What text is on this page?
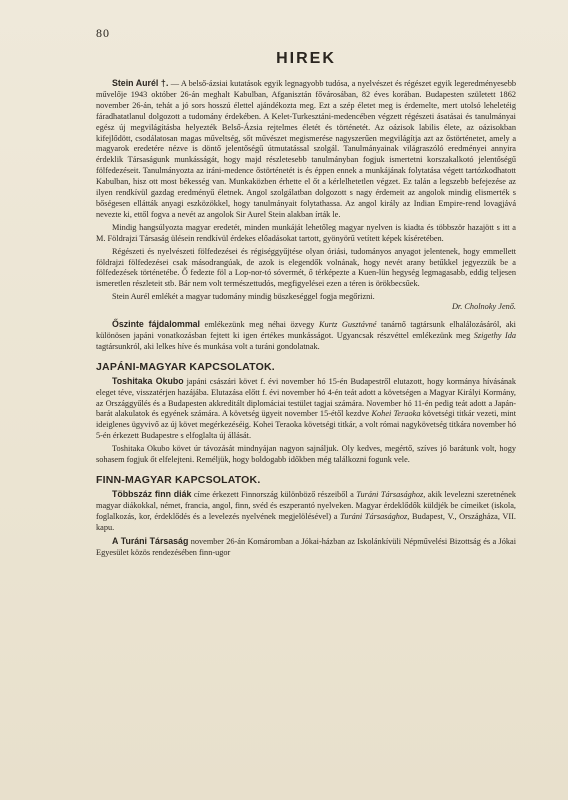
80
HIREK

Stein Aurél †. — A belső-ázsiai kutatások egyik legnagyobb tudósa, a nyelvészet és régészet egyik legeredményesebb művelője 1943 október 26-án meghalt Kabulban, Afganisztán fővárosában, 82 éves korában. Budapesten született 1862 november 26-án, tehát a jó sors hosszú élettel ajándékozta meg. Ezt a szép életet meg is érdemelte, mert utolsó leheletéig fáradhatatlanul dolgozott a tudomány érdekében. A Kelet-Turkesztáni-medencében végzett régészeti ásatásai és tanulmányai egész új megvilágításba helyezték Belső-Ázsia rejtelmes életét és történetét. Az oázisok labilis élete, az oázisokban kifejlődött, csodálatosan magas műveltség, sőt művészet megismerése nagyszerűen megvilágítja azt az őstörténetet, amely a magyarok eredetére nézve is döntő jelentőségű útmutatással szolgál. Tanulmányainak világraszóló eredményei annyira érdeklik Társaságunk munkásságát, hogy majd részletesebb tanulmányban fogjuk ismertetni korszakalkotó jelentőségű fölfedezéseit. Tanulmányozta az iráni-medence őstörténetét is és éppen ennek a munkájának folytatása végett tartózkodhatott Kabulban, hisz ott most békesség van. Munkaközben érhette el őt a kérlelhetetlen végzet. Ez talán a legszebb befejezése az ilyen rendkívül gazdag eredményű életnek. Angol szolgálatban dolgozott s nagy érdemeit az angolok mindig elismerték s bőségesen ellátták anyagi eszközökkel, hogy tanulmányait folytathassa. Az angol király az Indian Empire-rend lovagjává nevezte ki, ettől fogva a nevét az angolok Sir Aurel Stein alakban írták le.

Mindig hangsúlyozta magyar eredetét, minden munkáját lehetőleg magyar nyelven is kiadta és többször hazajött s itt a M. Földrajzi Társaság ülésein rendkívül érdekes előadásokat tartott, gyönyörű vetített képek kíséretében.

Régészeti és nyelvészeti fölfedezései és régiséggyűjtése olyan óriási, tudományos anyagot jelentenek, hogy emmellett földrajzi fölfedezései csak másodrangúak, de azok is elegendők volnának, hogy nevét arany betűkkel jegyezzük be a fölfedezések történetébe. Ő fedezte föl a Lop-nor-tó sóvermét, ő térképezte a Kuen-lün hegység legmagasabb, eddig teljesen ismeretlen részleteit stb. Bár nem volt természettudós, megfigyelései ezen a téren is örökbecsűek.

Stein Aurél emlékét a magyar tudomány mindig büszkeséggel fogja megőrizni.

Dr. Cholnoky Jenő.

Őszinte fájdalommal emlékezünk meg néhai özvegy Kurtz Gusztávné tanárnő tagtársunk elhalálozásáról, aki különösen japáni vonatkozásban fejtett ki igen értékes munkásságot. Ugyancsak részvéttel emlékezünk meg Szigethy Ida tagtársunkról, aki lelkes híve és munkása volt a turáni gondolatnak.

JAPÁNI-MAGYAR KAPCSOLATOK.

Toshitaka Okubo japáni császári követ f. évi november hó 15-én Budapestről elutazott, hogy kormánya hívásának eleget téve, visszatérjen hazájába. Elutazása előtt f. évi november hó 4-én teát adott a követségen a Magyar Királyi Kormány, az Országgyűlés és a Budapesten akkreditált diplomáciai testület tagjai számára. November hó 11-én pedig teát adott a Japán-barát alakulatok és egyének számára. A követség ügyeit november 15-étől kezdve Kohei Teraoka követségi titkár vezeti, mint ideiglenes ügyvivő az új követ megérkezéséig. Kohei Teraoka követségi titkár, a volt római nagykövetség titkára november hó 5-én érkezett Budapestre s elfoglalta új állását.

Toshitaka Okubo követ úr távozását mindnyájan nagyon sajnáljuk. Oly kedves, megértő, szíves jó barátunk volt, hogy sohasem fogjuk őt elfelejteni. Reméljük, hogy boldogabb időkben még találkozni fogunk vele.

FINN-MAGYAR KAPCSOLATOK.

Többszáz finn diák címe érkezett Finnország különböző részeiből a Turáni Társasághoz, akik levelezni szeretnének magyar diákokkal, német, francia, angol, finn, svéd és eszperantó nyelveken. Magyar érdeklődők küldjék be címeiket (iskola, foglalkozás, kor, érdeklődés és a levelezés nyelvének megjelölésével) a Turáni Társasághoz, Budapest, V., Országháza, VII. kapu.

A Turáni Társaság november 26-án Komáromban a Jókai-házban az Iskolánkívüli Népművelési Bizottság és a Jókai Egyesület közös rendezésében finn-ugor
